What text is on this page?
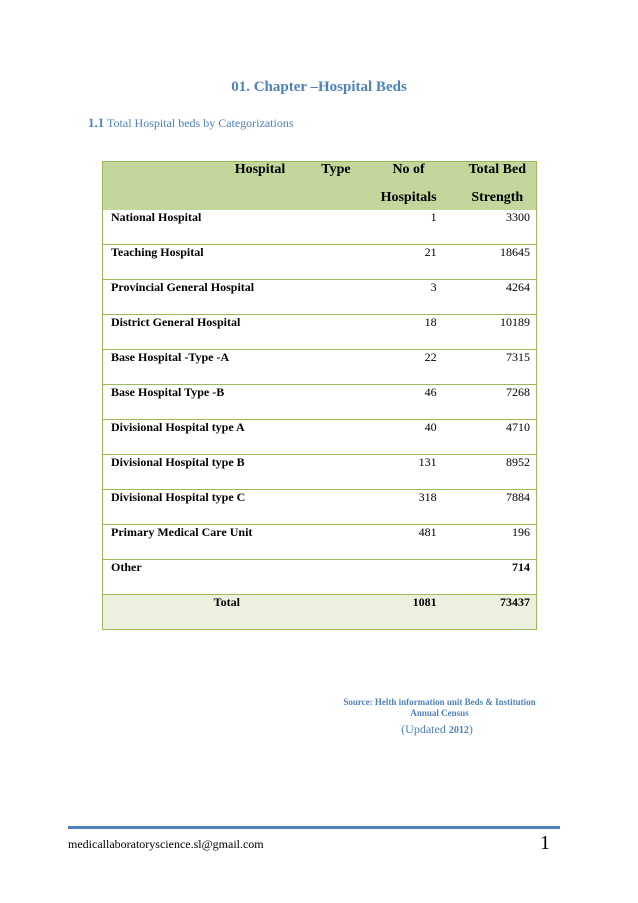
01. Chapter –Hospital Beds
1.1 Total Hospital beds by Categorizations
Hospital Type	No of	Total Bed
	Hospitals	Strength
National Hospital	1	3300
Teaching Hospital	21	18645
Provincial General Hospital	3	4264
District General Hospital	18	10189
Base Hospital -Type -A	22	7315
Base Hospital Type -B	46	7268
Divisional Hospital type A	40	4710
Divisional Hospital type B	131	8952
Divisional Hospital type C	318	7884
Primary Medical Care Unit	481	196
Other		714
Total	1081	73437
Source: Helth information unit Beds & Institution
Annual Census
(Updated 2012)
medicallaboratoryscience.sl@gmail.com	1
